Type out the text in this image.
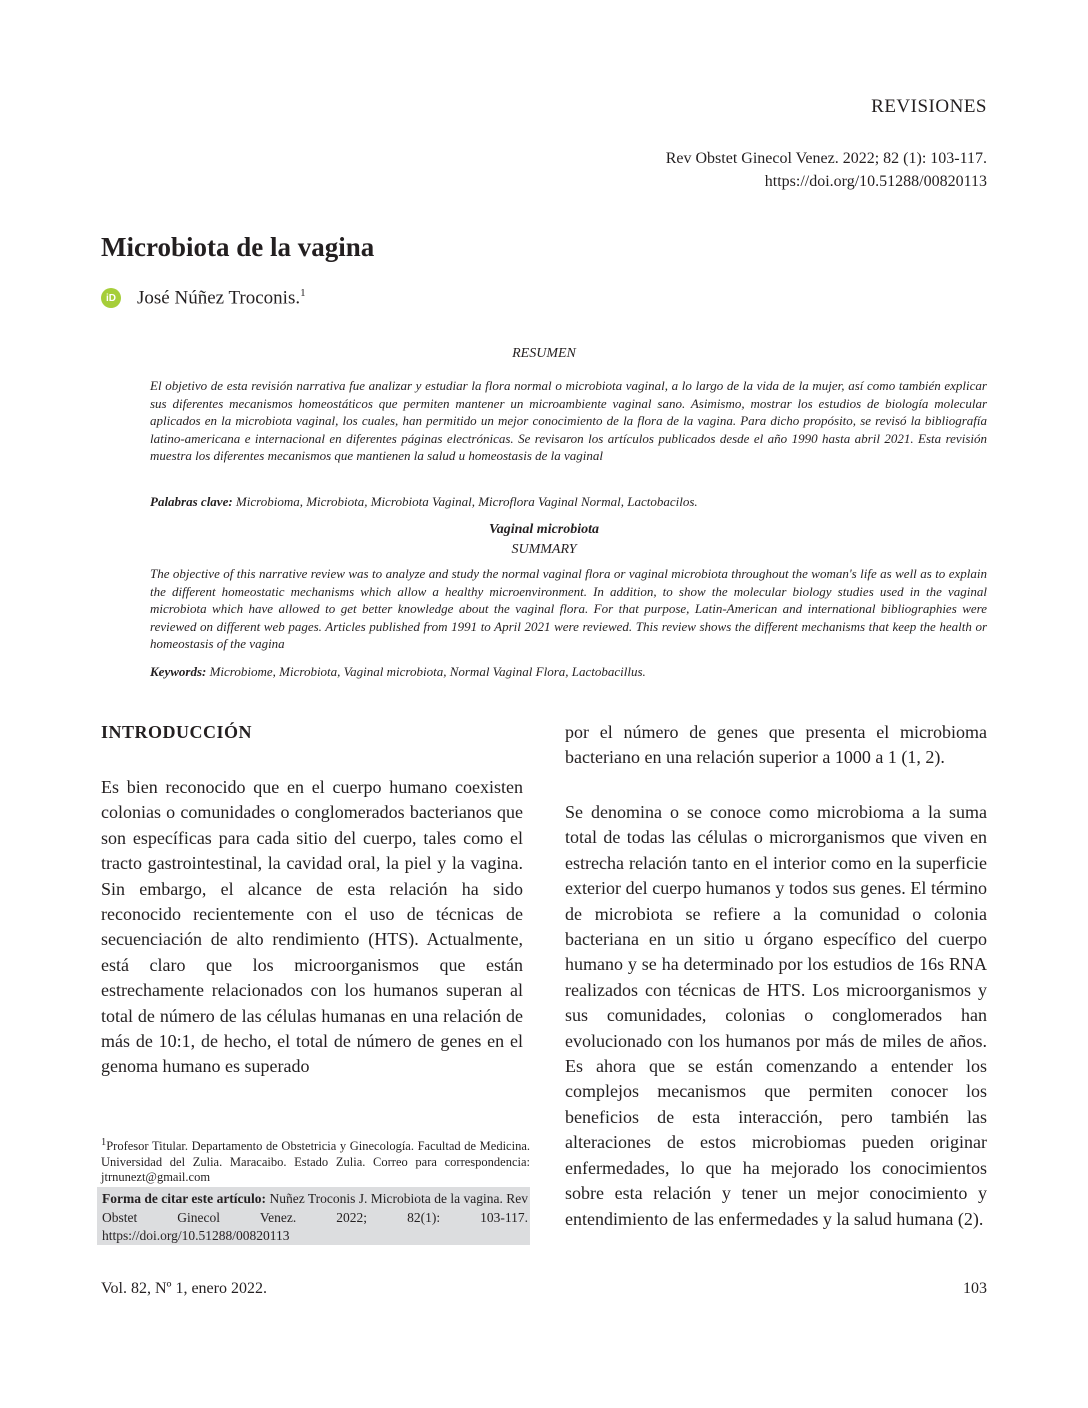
REVISIONES
Rev Obstet Ginecol Venez. 2022; 82 (1): 103-117.
https://doi.org/10.51288/00820113
Microbiota de la vagina
iD José Núñez Troconis.$^1$
RESUMEN
El objetivo de esta revisión narrativa fue analizar y estudiar la flora normal o microbiota vaginal, a lo largo de la vida de la mujer, así como también explicar sus diferentes mecanismos homeostáticos que permiten mantener un microambiente vaginal sano. Asimismo, mostrar los estudios de biología molecular aplicados en la microbiota vaginal, los cuales, han permitido un mejor conocimiento de la flora de la vagina. Para dicho propósito, se revisó la bibliografía latino-americana e internacional en diferentes páginas electrónicas. Se revisaron los artículos publicados desde el año 1990 hasta abril 2021. Esta revisión muestra los diferentes mecanismos que mantienen la salud u homeostasis de la vaginal
Palabras clave: Microbioma, Microbiota, Microbiota Vaginal, Microflora Vaginal Normal, Lactobacilos.
Vaginal microbiota
SUMMARY
The objective of this narrative review was to analyze and study the normal vaginal flora or vaginal microbiota throughout the woman's life as well as to explain the different homeostatic mechanisms which allow a healthy microenvironment. In addition, to show the molecular biology studies used in the vaginal microbiota which have allowed to get better knowledge about the vaginal flora. For that purpose, Latin-American and international bibliographies were reviewed on different web pages. Articles published from 1991 to April 2021 were reviewed. This review shows the different mechanisms that keep the health or homeostasis of the vagina
Keywords: Microbiome, Microbiota, Vaginal microbiota, Normal Vaginal Flora, Lactobacillus.
INTRODUCCIÓN
Es bien reconocido que en el cuerpo humano coexisten colonias o comunidades o conglomerados bacterianos que son específicas para cada sitio del cuerpo, tales como el tracto gastrointestinal, la cavidad oral, la piel y la vagina. Sin embargo, el alcance de esta relación ha sido reconocido recientemente con el uso de técnicas de secuenciación de alto rendimiento (HTS). Actualmente, está claro que los microorganismos que están estrechamente relacionados con los humanos superan al total de número de las células humanas en una relación de más de 10:1, de hecho, el total de número de genes en el genoma humano es superado
por el número de genes que presenta el microbioma bacteriano en una relación superior a 1000 a 1 (1, 2).
Se denomina o se conoce como microbioma a la suma total de todas las células o microrganismos que viven en estrecha relación tanto en el interior como en la superficie exterior del cuerpo humanos y todos sus genes. El término de microbiota se refiere a la comunidad o colonia bacteriana en un sitio u órgano específico del cuerpo humano y se ha determinado por los estudios de 16s RNA realizados con técnicas de HTS. Los microorganismos y sus comunidades, colonias o conglomerados han evolucionado con los humanos por más de miles de años. Es ahora que se están comenzando a entender los complejos mecanismos que permiten conocer los beneficios de esta interacción, pero también las alteraciones de estos microbiomas pueden originar enfermedades, lo que ha mejorado los conocimientos sobre esta relación y tener un mejor conocimiento y entendimiento de las enfermedades y la salud humana (2).
$^1$Profesor Titular. Departamento de Obstetricia y Ginecología. Facultad de Medicina. Universidad del Zulia. Maracaibo. Estado Zulia. Correo para correspondencia: jtrnunezt@gmail.com
Forma de citar este artículo: Nuñez Troconis J. Microbiota de la vagina. Rev Obstet Ginecol Venez. 2022; 82(1): 103-117. https://doi.org/10.51288/00820113
Vol. 82, Nº 1, enero 2022.	103
